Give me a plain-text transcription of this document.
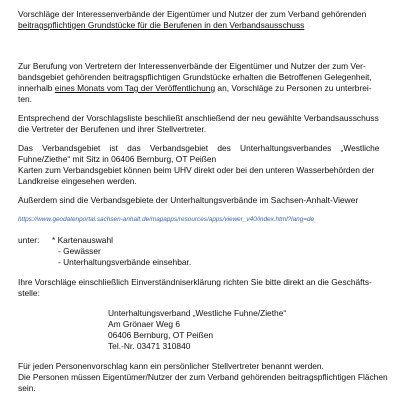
Vorschläge der Interessenverbände der Eigentümer und Nutzer der zum Verband gehörenden
beitragspflichtigen Grundstücke für die Berufenen in den Verbandsausschuss
Zur Berufung von Vertretern der Interessenverbände der Eigentümer und Nutzer der zum Ver-
bandsgebiet gehörenden beitragspflichtigen Grundstücke erhalten die Betroffenen Gelegenheit,
innerhalb eines Monats vom Tag der Veröffentlichung an, Vorschläge zu Personen zu unterbrei-
ten.
Entsprechend der Vorschlagsliste beschließt anschließend der neu gewählte Verbandsausschuss
die Vertreter der Berufenen und ihrer Stellvertreter.
Das Verbandsgebiet ist das Verbandsgebiet des Unterhaltungsverbandes „Westliche
Fuhne/Ziethe“ mit Sitz in 06406 Bernburg, OT Peißen
Karten zum Verbandsgebiet können beim UHV direkt oder bei den unteren Wasserbehörden der
Landkreise eingesehen werden.
Außerdem sind die Verbandsgebiete der Unterhaltungsverbände im Sachsen-Anhalt-Viewer
https://www.geodatenportal.sachsen-anhalt.de/mapapps/resources/apps/viewer_v40/index.html?lang=de
unter: * Kartenauswahl
- Gewässer
- Unterhaltungsverbände einsehbar.
Ihre Vorschläge einschließlich Einverständniserklärung richten Sie bitte direkt an die Geschäfts-
stelle:
Unterhaltungsverband „Westliche Fuhne/Ziethe“
Am Grönaer Weg 6
06406 Bernburg, OT Peißen
Tel.-Nr. 03471 310840
Für jeden Personenvorschlag kann ein persönlicher Stellvertreter benannt werden.
Die Personen müssen Eigentümer/Nutzer der zum Verband gehörenden beitragspflichtigen Flächen
sein.
